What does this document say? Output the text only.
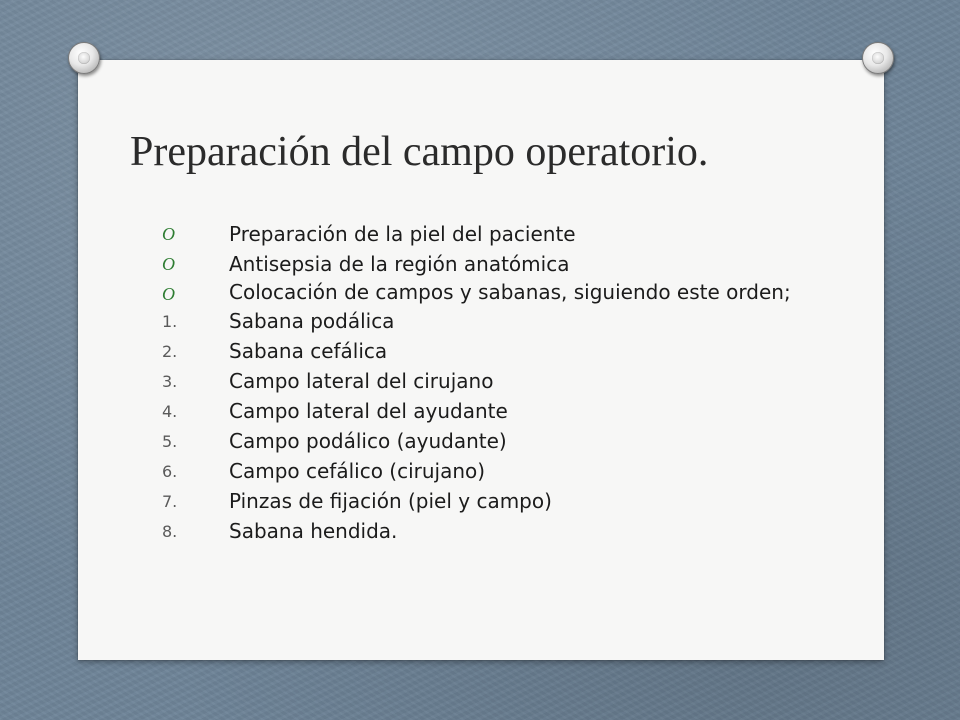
Preparación del campo operatorio.
O	Preparación de la piel del paciente
O	Antisepsia de la región anatómica
O	Colocación de campos y sabanas, siguiendo este orden;
1.	Sabana podálica
2.	Sabana cefálica
3.	Campo lateral del cirujano
4.	Campo lateral del ayudante
5.	Campo podálico (ayudante)
6.	Campo cefálico (cirujano)
7.	Pinzas de fijación (piel y campo)
8.	Sabana hendida.
